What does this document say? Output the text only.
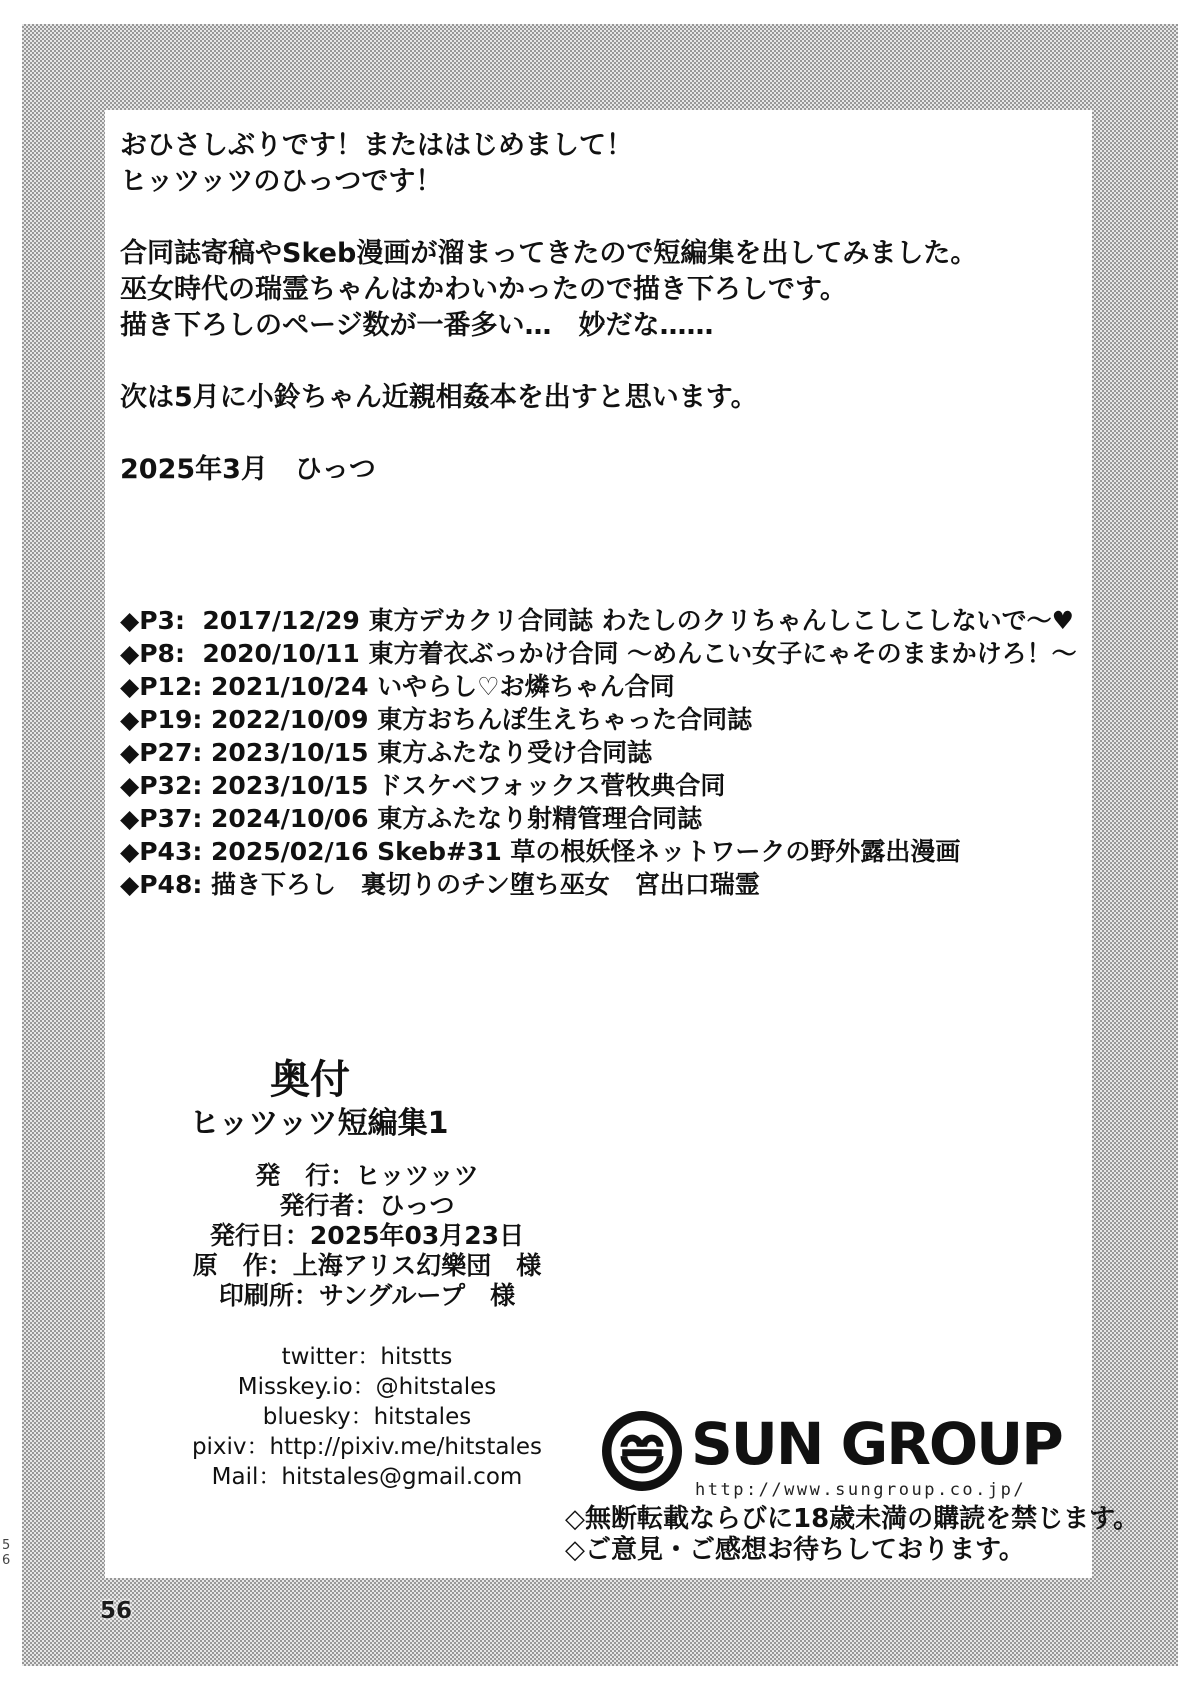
おひさしぶりです！またははじめまして！
ヒッツッツのひっつです！
合同誌寄稿やSkeb漫画が溜まってきたので短編集を出してみました。
巫女時代の瑞霊ちゃんはかわいかったので描き下ろしです。
描き下ろしのページ数が一番多い…　妙だな……
次は5月に小鈴ちゃん近親相姦本を出すと思います。
2025年3月　ひっつ
◆P3:  2017/12/29 東方デカクリ合同誌 わたしのクリちゃんしこしこしないで～♥
◆P8:  2020/10/11 東方着衣ぶっかけ合同 ～めんこい女子にゃそのままかけろ！～
◆P12: 2021/10/24 いやらし♡お燐ちゃん合同
◆P19: 2022/10/09 東方おちんぽ生えちゃった合同誌
◆P27: 2023/10/15 東方ふたなり受け合同誌
◆P32: 2023/10/15 ドスケベフォックス菅牧典合同
◆P37: 2024/10/06 東方ふたなり射精管理合同誌
◆P43: 2025/02/16 Skeb#31 草の根妖怪ネットワークの野外露出漫画
◆P48: 描き下ろし　裏切りのチン堕ち巫女　宮出口瑞霊
奥付
ヒッツッツ短編集1
発　行：ヒッツッツ
発行者：ひっつ
発行日：2025年03月23日
原　作：上海アリス幻樂団　様
印刷所：サングループ　様
twitter：hitstts
Misskey.io：@hitstales
bluesky：hitstales
pixiv：http://pixiv.me/hitstales
Mail：hitstales@gmail.com	SUN GROUP
http://www.sungroup.co.jp/
◇無断転載ならびに18歳未満の購読を禁じます。
◇ご意見・ご感想お待ちしております。
56
56
